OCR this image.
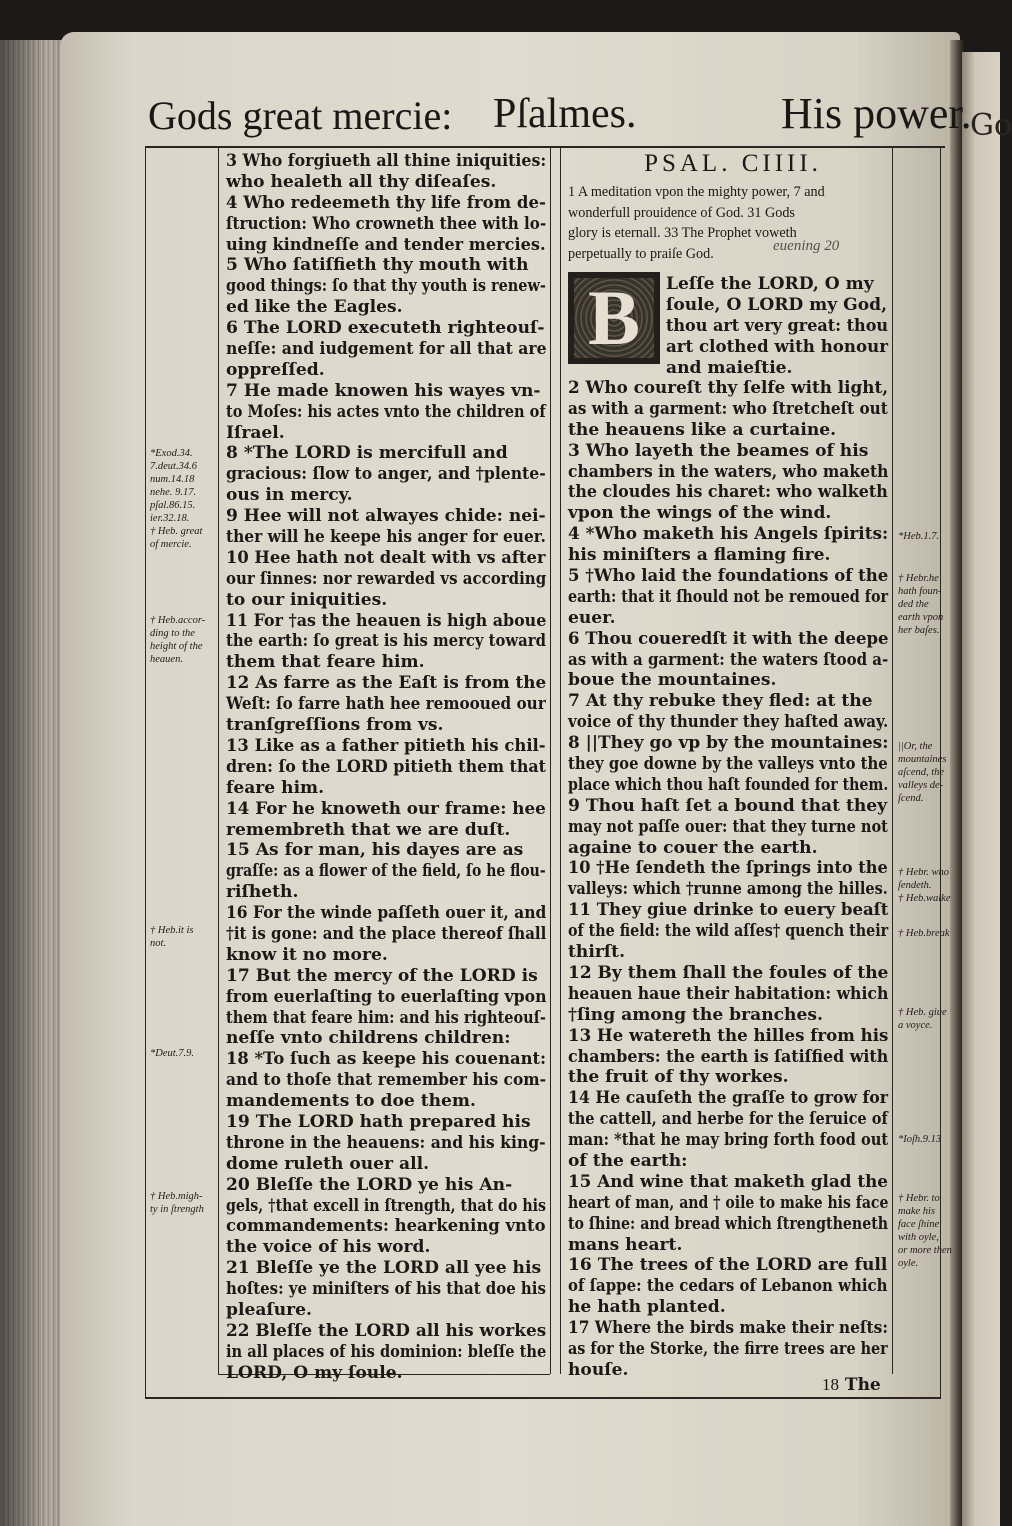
Go
Gods great mercie: Pſalmes.	His power.
*Exod.34.
7.deut.34.6
num.14.18
nehe. 9.17.
pſal.86.15.
ier.32.18.
† Heb. great
of mercie.
† Heb.accor-
ding to the
height of the
heauen.
† Heb.it is
not.
*Deut.7.9.
† Heb.migh-
ty in ſtrength
3 Who forgiueth all thine iniquities:
who healeth all thy diſeaſes.
4 Who redeemeth thy life from de-
ſtruction: Who crowneth thee with lo-
uing kindneſſe and tender mercies.
5 Who ſatiſfieth thy mouth with
good things: ſo that thy youth is renew-
ed like the Eagles.
6 The LORD executeth righteouſ-
neſſe: and iudgement for all that are
oppreſſed.
7 He made knowen his wayes vn-
to Moſes: his actes vnto the children of
Iſrael.
8 *The LORD is mercifull and
gracious: ſlow to anger, and †plente-
ous in mercy.
9 Hee will not alwayes chide: nei-
ther will he keepe his anger for euer.
10 Hee hath not dealt with vs after
our ſinnes: nor rewarded vs according
to our iniquities.
11 For †as the heauen is high aboue
the earth: ſo great is his mercy toward
them that feare him.
12 As farre as the Eaſt is from the
Weſt: ſo farre hath hee remooued our
tranſgreſſions from vs.
13 Like as a father pitieth his chil-
dren: ſo the LORD pitieth them that
feare him.
14 For he knoweth our frame: hee
remembreth that we are duſt.
15 As for man, his dayes are as
graſſe: as a flower of the field, ſo he flou-
riſheth.
16 For the winde paſſeth ouer it, and
†it is gone: and the place thereof ſhall
know it no more.
17 But the mercy of the LORD is
from euerlaſting to euerlaſting vpon
them that feare him: and his righteouſ-
neſſe vnto childrens children:
18 *To ſuch as keepe his couenant:
and to thoſe that remember his com-
mandements to doe them.
19 The LORD hath prepared his
throne in the heauens: and his king-
dome ruleth ouer all.
20 Bleſſe the LORD ye his An-
gels, †that excell in ſtrength, that do his
commandements: hearkening vnto
the voice of his word.
21 Bleſſe ye the LORD all yee his
hoſtes: ye miniſters of his that doe his
pleaſure.
22 Bleſſe the LORD all his workes
in all places of his dominion: bleſſe the
LORD, O my ſoule.
PSAL. CIIII.
1 A meditation vpon the mighty power, 7 and
wonderfull prouidence of God. 31 Gods
glory is eternall. 33 The Prophet voweth
perpetually to praiſe God.	euening 20
B	Leſſe the LORD, O my
ſoule, O LORD my God,
thou art very great: thou
art clothed with honour
and maieſtie.
2 Who coureſt thy ſelfe with light,
as with a garment: who ſtretcheſt out
the heauens like a curtaine.
3 Who layeth the beames of his
chambers in the waters, who maketh
the cloudes his charet: who walketh
vpon the wings of the wind.
4 *Who maketh his Angels ſpirits:
his miniſters a flaming fire.
5 †Who laid the foundations of the
earth: that it ſhould not be remoued for
euer.
6 Thou coueredſt it with the deepe
as with a garment: the waters ſtood a-
boue the mountaines.
7 At thy rebuke they fled: at the
voice of thy thunder they haſted away.
8 ||They go vp by the mountaines:
they goe downe by the valleys vnto the
place which thou haſt founded for them.
9 Thou haſt ſet a bound that they
may not paſſe ouer: that they turne not
againe to couer the earth.
10 †He ſendeth the ſprings into the
valleys: which †runne among the hilles.
11 They giue drinke to euery beaſt
of the field: the wild aſſes† quench their
thirſt.
12 By them ſhall the foules of the
heauen haue their habitation: which
†ſing among the branches.
13 He watereth the hilles from his
chambers: the earth is ſatiſfied with
the fruit of thy workes.
14 He cauſeth the graſſe to grow for
the cattell, and herbe for the ſeruice of
man: *that he may bring forth food out
of the earth:
15 And wine that maketh glad the
heart of man, and † oile to make his face
to ſhine: and bread which ſtrengtheneth
mans heart.
16 The trees of the LORD are full
of ſappe: the cedars of Lebanon which
he hath planted.
17 Where the birds make their neſts:
as for the Storke, the firre trees are her
houſe.
*Heb.1.7.
† Hebr.he
hath foun-
ded the
earth vpon
her baſes.
||Or, the
mountaines
aſcend, the
valleys de-
ſcend.
† Hebr. who
ſendeth.
† Heb.walke
† Heb.break
† Heb. giue
a voyce.
*Ioſh.9.13
† Hebr. to
make his
face ſhine
with oyle,
or more then
oyle.
18 The
